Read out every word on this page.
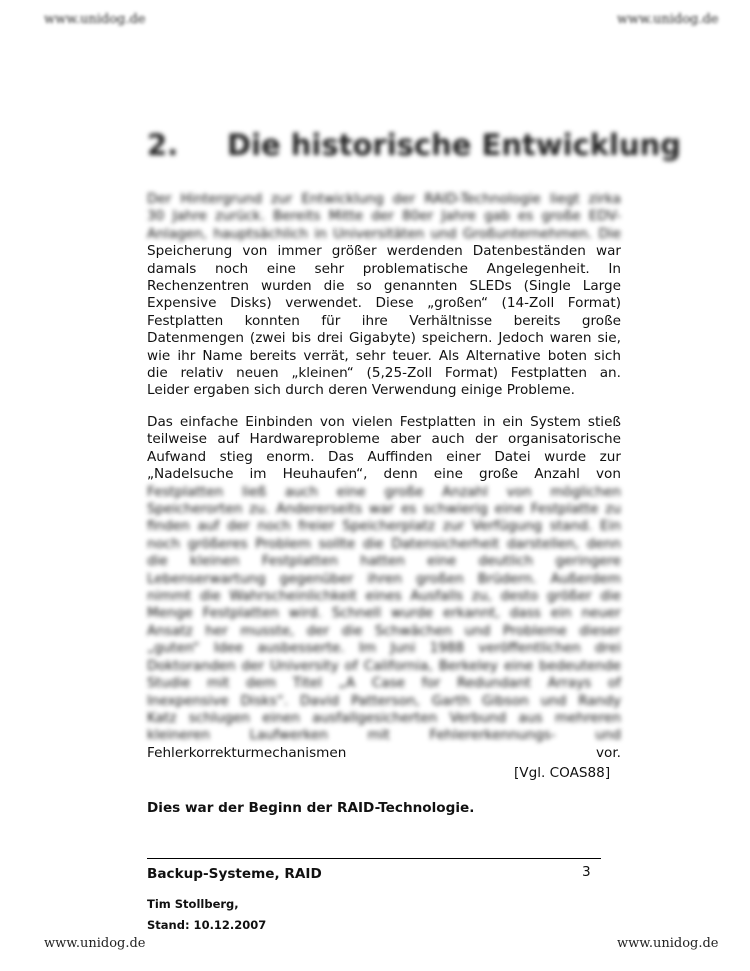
www.unidog.de	www.unidog.de
2.	Die historische Entwicklung
Der Hintergrund zur Entwicklung der RAID-Technologie liegt zirka
30 Jahre zurück. Bereits Mitte der 80er Jahre gab es große EDV-
Anlagen, hauptsächlich in Universitäten und Großunternehmen. Die
Speicherung von immer größer werdenden Datenbeständen war
damals noch eine sehr problematische Angelegenheit. In
Rechenzentren wurden die so genannten SLEDs (Single Large
Expensive Disks) verwendet. Diese „großen“ (14-Zoll Format)
Festplatten konnten für ihre Verhältnisse bereits große
Datenmengen (zwei bis drei Gigabyte) speichern. Jedoch waren sie,
wie ihr Name bereits verrät, sehr teuer. Als Alternative boten sich
die relativ neuen „kleinen“ (5,25-Zoll Format) Festplatten an.
Leider ergaben sich durch deren Verwendung einige Probleme.
Das einfache Einbinden von vielen Festplatten in ein System stieß
teilweise auf Hardwareprobleme aber auch der organisatorische
Aufwand stieg enorm. Das Auffinden einer Datei wurde zur
„Nadelsuche im Heuhaufen“, denn eine große Anzahl von
Festplatten ließ auch eine große Anzahl von möglichen
Speicherorten zu. Andererseits war es schwierig eine Festplatte zu
finden auf der noch freier Speicherplatz zur Verfügung stand. Ein
noch größeres Problem sollte die Datensicherheit darstellen, denn
die kleinen Festplatten hatten eine deutlich geringere
Lebenserwartung gegenüber ihren großen Brüdern. Außerdem
nimmt die Wahrscheinlichkeit eines Ausfalls zu, desto größer die
Menge Festplatten wird. Schnell wurde erkannt, dass ein neuer
Ansatz her musste, der die Schwächen und Probleme dieser
„guten“ Idee ausbesserte. Im Juni 1988 veröffentlichen drei
Doktoranden der University of California, Berkeley eine bedeutende
Studie mit dem Titel „A Case for Redundant Arrays of
Inexpensive Disks“. David Patterson, Garth Gibson und Randy
Katz schlugen einen ausfallgesicherten Verbund aus mehreren
kleineren Laufwerken mit Fehlererkennungs- und
Fehlerkorrekturmechanismen vor.
[Vgl. COAS88]
Dies war der Beginn der RAID-Technologie.
Backup-Systeme, RAID	3
Tim Stollberg,
Stand: 10.12.2007
www.unidog.de	www.unidog.de
